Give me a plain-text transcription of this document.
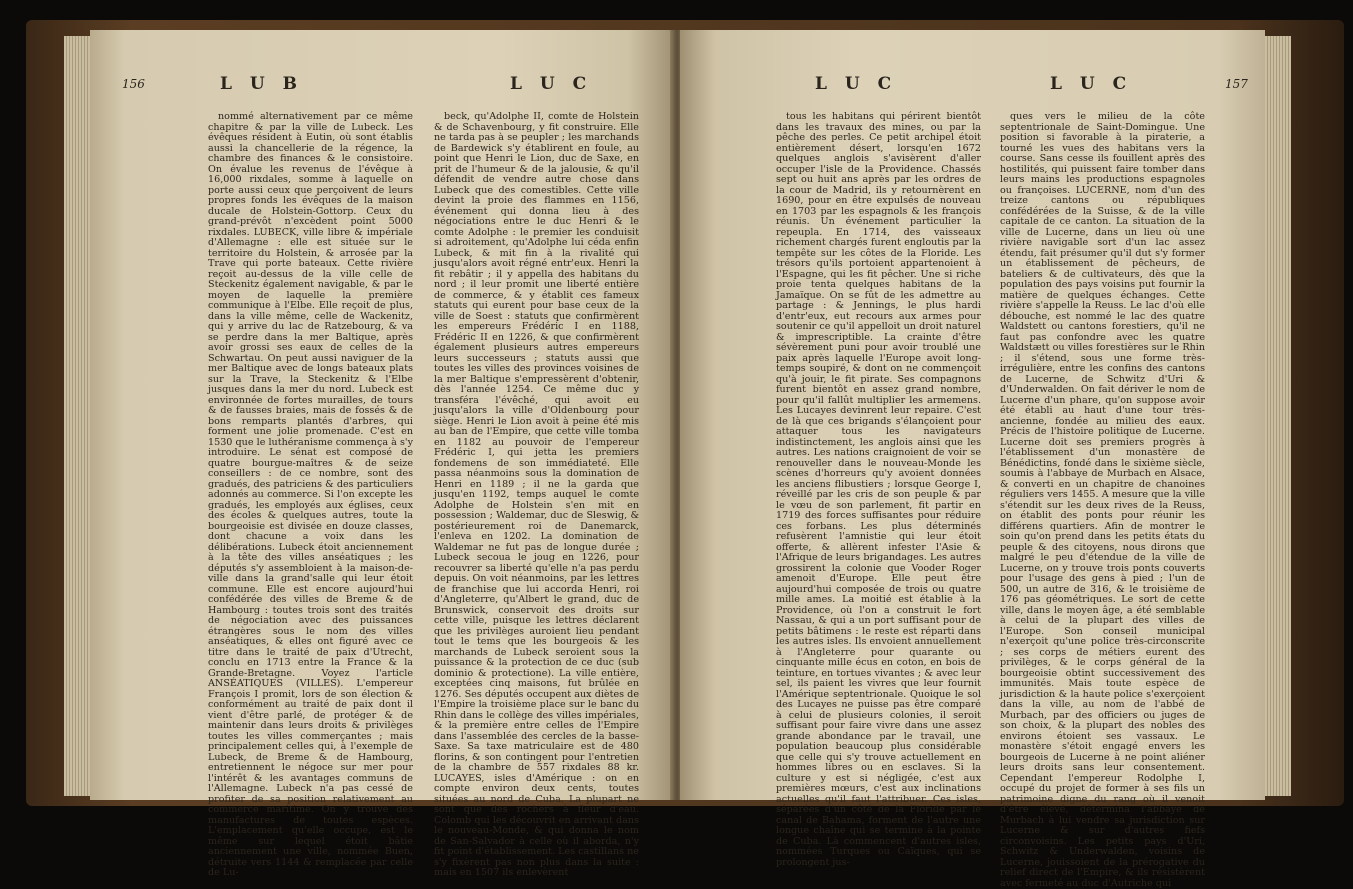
156	L U B	L U C

nommé alternativement par ce même chapitre & par la ville de Lubeck. Les évêques résident à Eutin, où sont établis aussi la chancellerie de la régence, la chambre des finances & le consistoire. On évalue les revenus de l'évêque à 16,000 rixdales, somme à laquelle on porte aussi ceux que perçoivent de leurs propres fonds les évêques de la maison ducale de Holstein-Gottorp. Ceux du grand-prévôt n'excèdent point 5000 rixdales. LUBECK, ville libre & impériale d'Allemagne : elle est située sur le territoire du Holstein, & arrosée par la Trave qui porte bateaux. Cette rivière reçoit au-dessus de la ville celle de Steckenitz également navigable, & par le moyen de laquelle la première communique à l'Elbe. Elle reçoit de plus, dans la ville même, celle de Wackenitz, qui y arrive du lac de Ratzebourg, & va se perdre dans la mer Baltique, après avoir grossi ses eaux de celles de la Schwartau. On peut aussi naviguer de la mer Baltique avec de longs bateaux plats sur la Trave, la Steckenitz & l'Elbe jusques dans la mer du nord. Lubeck est environnée de fortes murailles, de tours & de fausses braies, mais de fossés & de bons remparts plantés d'arbres, qui forment une jolie promenade. C'est en 1530 que le luthéranisme commença à s'y introduire. Le sénat est composé de quatre bourgue-maîtres & de seize conseillers : de ce nombre, sont des gradués, des patriciens & des particuliers adonnés au commerce. Si l'on excepte les gradués, les employés aux églises, ceux des écoles & quelques autres, toute la bourgeoisie est divisée en douze classes, dont chacune a voix dans les délibérations. Lubeck étoit anciennement à la tête des villes anséatiques ; les députés s'y assembloient à la maison-de-ville dans la grand'salle qui leur étoit commune. Elle est encore aujourd'hui confédérée des villes de Breme & de Hambourg : toutes trois sont des traités de négociation avec des puissances étrangères sous le nom des villes anséatiques, & elles ont figuré avec ce titre dans le traité de paix d'Utrecht, conclu en 1713 entre la France & la Grande-Bretagne. Voyez l'article ANSÉATIQUES (VILLES). L'empereur François I promit, lors de son élection & conformément au traité de paix dont il vient d'être parlé, de protéger & de maintenir dans leurs droits & privilèges toutes les villes commerçantes ; mais principalement celles qui, à l'exemple de Lubeck, de Breme & de Hambourg, entretiennent le négoce sur mer pour l'intérêt & les avantages communs de l'Allemagne. Lubeck n'a pas cessé de profiter de sa position relativement au commerce maritime. On y trouve des manufactures de toutes espèces. L'emplacement qu'elle occupe, est le même sur lequel étoit bâtie anciennement une ville, nommée Buen, détruite vers 1144 & remplacée par celle de Lu-

beck, qu'Adolphe II, comte de Holstein & de Schavenbourg, y fit construire. Elle ne tarda pas à se peupler ; les marchands de Bardewick s'y établirent en foule, au point que Henri le Lion, duc de Saxe, en prit de l'humeur & de la jalousie, & qu'il défendit de vendre autre chose dans Lubeck que des comestibles. Cette ville devint la proie des flammes en 1156, événement qui donna lieu à des négociations entre le duc Henri & le comte Adolphe : le premier les conduisit si adroitement, qu'Adolphe lui céda enfin Lubeck, & mit fin à la rivalité qui jusqu'alors avoit régné entr'eux. Henri la fit rebâtir ; il y appella des habitans du nord ; il leur promit une liberté entière de commerce, & y établit ces fameux statuts qui eurent pour base ceux de la ville de Soest : statuts que confirmèrent les empereurs Frédéric I en 1188, Frédéric II en 1226, & que confirmèrent également plusieurs autres empereurs leurs successeurs ; statuts aussi que toutes les villes des provinces voisines de la mer Baltique s'empressèrent d'obtenir, dès l'année 1254. Ce même duc y transféra l'évêché, qui avoit eu jusqu'alors la ville d'Oldenbourg pour siège. Henri le Lion avoit à peine été mis au ban de l'Empire, que cette ville tomba en 1182 au pouvoir de l'empereur Frédéric I, qui jetta les premiers fondemens de son immédiateté. Elle passa néanmoins sous la domination de Henri en 1189 ; il ne la garda que jusqu'en 1192, temps auquel le comte Adolphe de Holstein s'en mit en possession ; Waldemar, duc de Sleswig, & postérieurement roi de Danemarck, l'enleva en 1202. La domination de Waldemar ne fut pas de longue durée ; Lubeck secoua le joug en 1226, pour recouvrer sa liberté qu'elle n'a pas perdu depuis. On voit néanmoins, par les lettres de franchise que lui accorda Henri, roi d'Angleterre, qu'Albert le grand, duc de Brunswick, conservoit des droits sur cette ville, puisque les lettres déclarent que les privilèges auroient lieu pendant tout le tems que les bourgeois & les marchands de Lubeck seroient sous la puissance & la protection de ce duc (sub dominio & protectione). La ville entière, exceptées cinq maisons, fut brûlée en 1276. Ses députés occupent aux diètes de l'Empire la troisième place sur le banc du Rhin dans le collège des villes impériales, & la première entre celles de l'Empire dans l'assemblée des cercles de la basse-Saxe. Sa taxe matriculaire est de 480 florins, & son contingent pour l'entretien de la chambre de 557 rixdales 88 kr. LUCAYES, isles d'Amérique : on en compte environ deux cents, toutes situées au nord de Cuba. La plupart ne sont que des rochers à fleur d'eau. Colomb qui les découvrit en arrivant dans le nouveau-Monde, & qui donna le nom de San-Salvador à celle où il aborda, n'y fit point d'établissement. Les castillans ne s'y fixèrent pas non plus dans la suite : mais en 1507 ils enlevèrent

L U C	L U C	157

tous les habitans qui périrent bientôt dans les travaux des mines, ou par la pêche des perles. Ce petit archipel étoit entièrement désert, lorsqu'en 1672 quelques anglois s'avisèrent d'aller occuper l'isle de la Providence. Chassés sept ou huit ans après par les ordres de la cour de Madrid, ils y retournèrent en 1690, pour en être expulsés de nouveau en 1703 par les espagnols & les françois réunis. Un événement particulier la repeupla. En 1714, des vaisseaux richement chargés furent engloutis par la tempête sur les côtes de la Floride. Les trésors qu'ils portoient appartenoient à l'Espagne, qui les fit pêcher. Une si riche proie tenta quelques habitans de la Jamaïque. On se fût de les admettre au partage : & Jennings, le plus hardi d'entr'eux, eut recours aux armes pour soutenir ce qu'il appelloit un droit naturel & imprescriptible. La crainte d'être sévèrement puni pour avoir troublé une paix après laquelle l'Europe avoit long-temps soupiré, & dont on ne commençoit qu'à jouir, le fit pirate. Ses compagnons furent bientôt en assez grand nombre, pour qu'il fallût multiplier les armemens. Les Lucayes devinrent leur repaire. C'est de là que ces brigands s'élançoient pour attaquer tous les navigateurs indistinctement, les anglois ainsi que les autres. Les nations craignoient de voir se renouveller dans le nouveau-Monde les scènes d'horreurs qu'y avoient données les anciens flibustiers ; lorsque George I, réveillé par les cris de son peuple & par le vœu de son parlement, fit partir en 1719 des forces suffisantes pour réduire ces forbans. Les plus déterminés refusèrent l'amnistie qui leur étoit offerte, & allèrent infester l'Asie & l'Afrique de leurs brigandages. Les autres grossirent la colonie que Vooder Roger amenoit d'Europe. Elle peut être aujourd'hui composée de trois ou quatre mille ames. La moitié est établie à la Providence, où l'on a construit le fort Nassau, & qui a un port suffisant pour de petits bâtimens : le reste est réparti dans les autres isles. Ils envoient annuellement à l'Angleterre pour quarante ou cinquante mille écus en coton, en bois de teinture, en tortues vivantes ; & avec leur sel, ils paient les vivres que leur fournit l'Amérique septentrionale. Quoique le sol des Lucayes ne puisse pas être comparé à celui de plusieurs colonies, il seroit suffisant pour faire vivre dans une assez grande abondance par le travail, une population beaucoup plus considérable que celle qui s'y trouve actuellement en hommes libres ou en esclaves. Si la culture y est si négligée, c'est aux premières mœurs, c'est aux inclinations actuelles qu'il faut l'attribuer. Ces isles, séparées d'un côté de la Floride par le canal de Bahama, forment de l'autre une longue chaîne qui se termine à la pointe de Cuba. Là commencent d'autres isles, nommées Turques ou Caïques, qui se prolongent jus-

ques vers le milieu de la côte septentrionale de Saint-Domingue. Une position si favorable à la piraterie, a tourné les vues des habitans vers la course. Sans cesse ils fouillent après des hostilités, qui puissent faire tomber dans leurs mains les productions espagnoles ou françoises. LUCERNE, nom d'un des treize cantons ou républiques confédérées de la Suisse, & de la ville capitale de ce canton. La situation de la ville de Lucerne, dans un lieu où une rivière navigable sort d'un lac assez étendu, fait présumer qu'il dut s'y former un établissement de pêcheurs, de bateliers & de cultivateurs, dès que la population des pays voisins put fournir la matière de quelques échanges. Cette rivière s'appelle la Reuss. Le lac d'où elle débouche, est nommé le lac des quatre Waldstett ou cantons forestiers, qu'il ne faut pas confondre avec les quatre Waldstætt ou villes forestières sur le Rhin ; il s'étend, sous une forme très-irrégulière, entre les confins des cantons de Lucerne, de Schwitz d'Uri & d'Underwalden. On fait dériver le nom de Lucerne d'un phare, qu'on suppose avoir été établi au haut d'une tour très-ancienne, fondée au milieu des eaux. Précis de l'histoire politique de Lucerne. Lucerne doit ses premiers progrès à l'établissement d'un monastère de Bénédictins, fondé dans le sixième siècle, soumis à l'abbaye de Murbach en Alsace, & converti en un chapitre de chanoines réguliers vers 1455. A mesure que la ville s'étendit sur les deux rives de la Reuss, on établit des ponts pour réunir les différens quartiers. Afin de montrer le soin qu'on prend dans les petits états du peuple & des citoyens, nous dirons que malgré le peu d'étendue de la ville de Lucerne, on y trouve trois ponts couverts pour l'usage des gens à pied ; l'un de 500, un autre de 316, & le troisième de 176 pas géométriques. Le sort de cette ville, dans le moyen âge, a été semblable à celui de la plupart des villes de l'Europe. Son conseil municipal n'exerçoit qu'une police très-circonscrite ; ses corps de métiers eurent des privilèges, & le corps général de la bourgeoisie obtint successivement des immunités. Mais toute espèce de jurisdiction & la haute police s'exerçoient dans la ville, au nom de l'abbé de Murbach, par des officiers ou juges de son choix, & la plupart des nobles des environs étoient ses vassaux. Le monastère s'étoit engagé envers les bourgeois de Lucerne à ne point aliéner leurs droits sans leur consentement. Cependant l'empereur Rodolphe I, occupé du projet de former à ses fils un patrimoine digne du rang où il venoit d'être élevé, détermina l'abbaye de Murbach à lui vendre sa jurisdiction sur Lucerne & sur d'autres fiefs circonvoisins. Les petits pays d'Uri, Schwitz & Underwalden, voisins de Lucerne, jouissoient de la prérogative du relief direct de l'Empire, & ils résistèrent avec fermeté au duc d'Autriche qui
